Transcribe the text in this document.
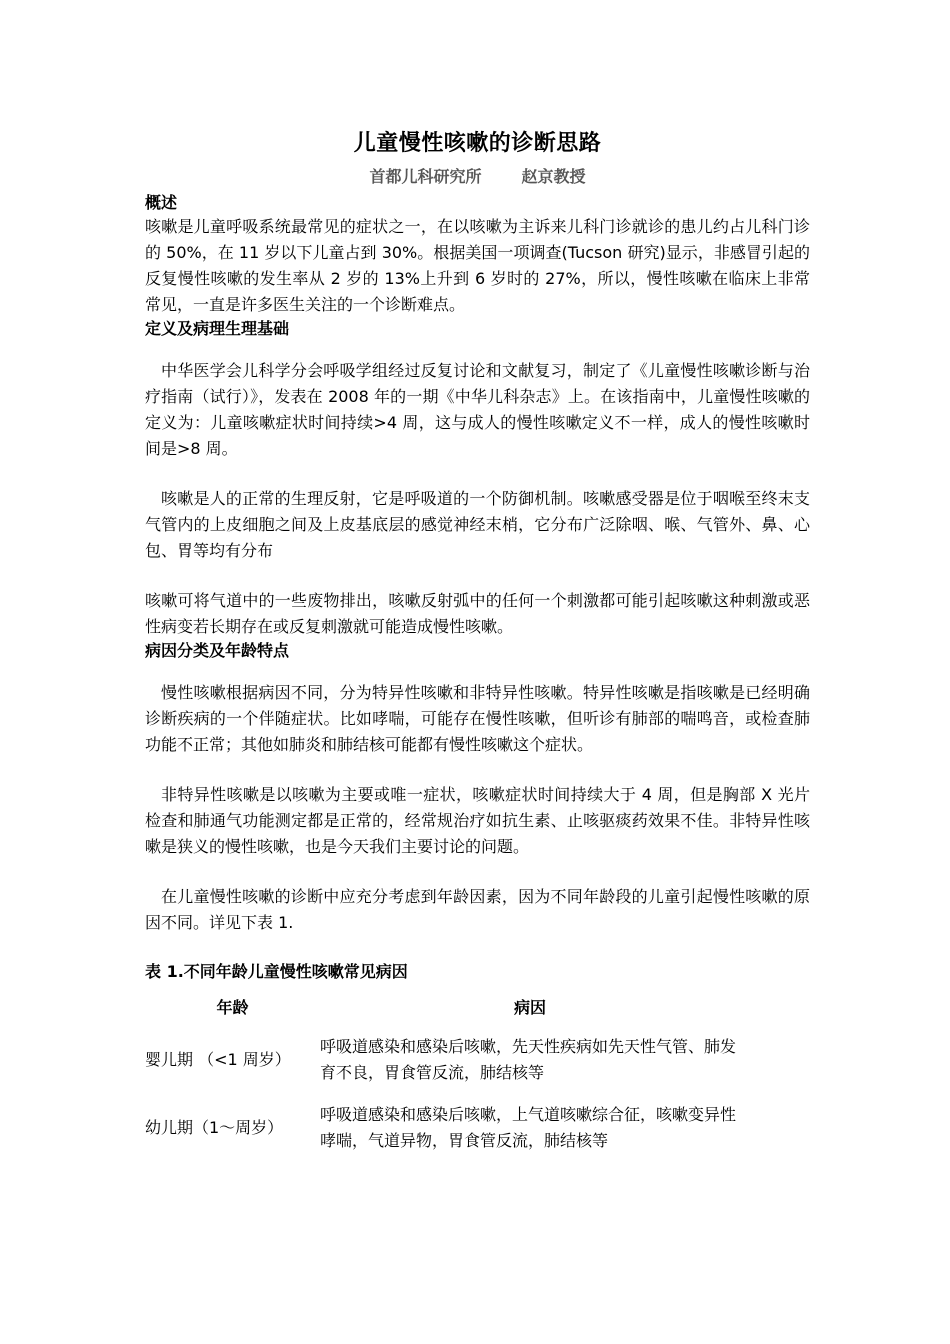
儿童慢性咳嗽的诊断思路
首都儿科研究所	赵京教授
概述

咳嗽是儿童呼吸系统最常见的症状之一，在以咳嗽为主诉来儿科门诊就诊的患儿约占儿科门诊的 50%，在 11 岁以下儿童占到 30%。根据美国一项调查(Tucson 研究)显示，非感冒引起的反复慢性咳嗽的发生率从 2 岁的 13%上升到 6 岁时的 27%，所以，慢性咳嗽在临床上非常常见，一直是许多医生关注的一个诊断难点。

定义及病理生理基础

中华医学会儿科学分会呼吸学组经过反复讨论和文献复习，制定了《儿童慢性咳嗽诊断与治疗指南（试行）》，发表在 2008 年的一期《中华儿科杂志》上。在该指南中，儿童慢性咳嗽的定义为：儿童咳嗽症状时间持续>4 周，这与成人的慢性咳嗽定义不一样，成人的慢性咳嗽时间是>8 周。

咳嗽是人的正常的生理反射，它是呼吸道的一个防御机制。咳嗽感受器是位于咽喉至终末支气管内的上皮细胞之间及上皮基底层的感觉神经末梢，它分布广泛除咽、喉、气管外、鼻、心包、胃等均有分布

咳嗽可将气道中的一些废物排出，咳嗽反射弧中的任何一个刺激都可能引起咳嗽这种刺激或恶性病变若长期存在或反复刺激就可能造成慢性咳嗽。

病因分类及年龄特点

慢性咳嗽根据病因不同，分为特异性咳嗽和非特异性咳嗽。特异性咳嗽是指咳嗽是已经明确诊断疾病的一个伴随症状。比如哮喘，可能存在慢性咳嗽，但听诊有肺部的喘鸣音，或检查肺功能不正常；其他如肺炎和肺结核可能都有慢性咳嗽这个症状。

非特异性咳嗽是以咳嗽为主要或唯一症状，咳嗽症状时间持续大于 4 周，但是胸部 X 光片检查和肺通气功能测定都是正常的，经常规治疗如抗生素、止咳驱痰药效果不佳。非特异性咳嗽是狭义的慢性咳嗽，也是今天我们主要讨论的问题。

在儿童慢性咳嗽的诊断中应充分考虑到年龄因素，因为不同年龄段的儿童引起慢性咳嗽的原因不同。详见下表 1.

表 1.不同年龄儿童慢性咳嗽常见病因
年龄	病因
婴儿期 （<1 周岁）
呼吸道感染和感染后咳嗽，先天性疾病如先天性气管、肺发育不良，胃食管反流，肺结核等
幼儿期（1～周岁）
呼吸道感染和感染后咳嗽，上气道咳嗽综合征，咳嗽变异性哮喘，气道异物，胃食管反流，肺结核等
